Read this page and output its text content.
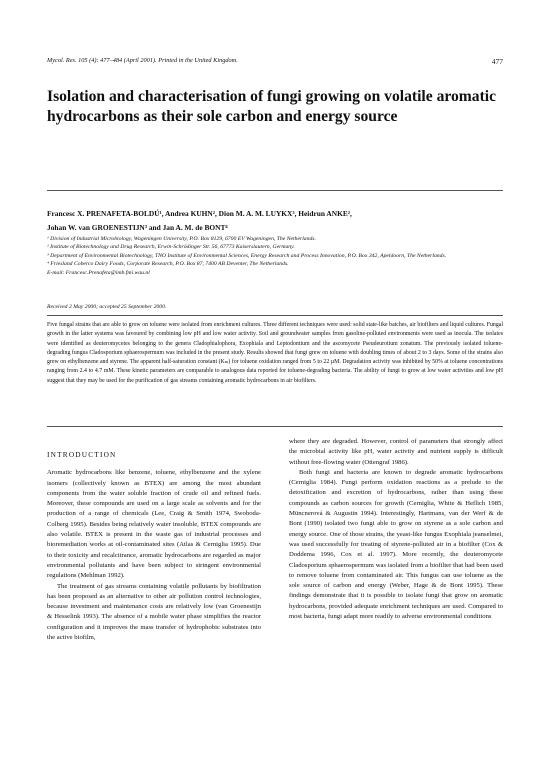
Mycol. Res. 105 (4): 477–484 (April 2001). Printed in the United Kingdom.	477
Isolation and characterisation of fungi growing on volatile aromatic hydrocarbons as their sole carbon and energy source
Francesc X. PRENAFETA-BOLDÚ¹, Andrea KUHN², Dion M. A. M. LUYKX³, Heidrun ANKE²,
Johan W. van GROENESTIJN³ and Jan A. M. de BONT⁴
¹ Division of Industrial Microbiology, Wageningen University, P.O. Box 8129, 6700 EV Wageningen, The Netherlands.
² Institute of Biotechnology and Drug Research, Erwin-Schrödinger Str. 56, 67773 Kaiserslautern, Germany.
³ Department of Environmental Biotechnology, TNO Institute of Environmental Sciences, Energy Research and Process Innovation, P.O. Box 342, Apeldoorn, The Netherlands.
⁴ Friesland Coberco Dairy Foods, Corporate Research, P.O. Box 87, 7400 AB Deventer, The Netherlands.
E-mail: Francesc.Prenafeta@imb.fmi.wau.nl
Received 2 May 2000; accepted 25 September 2000.

Five fungal strains that are able to grow on toluene were isolated from enrichment cultures. Three different techniques were used: solid state-like batches, air biofilters and liquid cultures. Fungal growth in the latter systems was favoured by combining low pH and low water activity. Soil and groundwater samples from gasoline-polluted environments were used as inocula. The isolates were identified as deuteromycetes belonging to the genera Cladophialophora, Exophiala and Leptodontium and the ascomycete Pseudeurotium zonatum. The previously isolated toluene-degrading fungus Cladosporium sphaerospermum was included in the present study. Results showed that fungi grew on toluene with doubling times of about 2 to 3 days. Some of the strains also grew on ethylbenzene and styrene. The apparent half-saturation constant (Kₘ) for toluene oxidation ranged from 5 to 22 µM. Degradation activity was inhibited by 50% at toluene concentrations ranging from 2.4 to 4.7 mM. These kinetic parameters are comparable to analogous data reported for toluene-degrading bacteria. The ability of fungi to grow at low water activities and low pH suggest that they may be used for the purification of gas streams containing aromatic hydrocarbons in air biofilters.

INTRODUCTION

Aromatic hydrocarbons like benzene, toluene, ethylbenzene and the xylene isomers (collectively known as BTEX) are among the most abundant components from the water soluble fraction of crude oil and refined fuels. Moreover, these compounds are used on a large scale as solvents and for the production of a range of chemicals (Lee, Craig & Smith 1974, Swoboda-Colberg 1995). Besides being relatively water insoluble, BTEX compounds are also volatile. BTEX is present in the waste gas of industrial processes and bioremediation works at oil-contaminated sites (Atlas & Cerniglia 1995). Due to their toxicity and recalcitrance, aromatic hydrocarbons are regarded as major environmental pollutants and have been subject to stringent environmental regulations (Mehlman 1992).

The treatment of gas streams containing volatile pollutants by biofiltration has been proposed as an alternative to other air pollution control technologies, because investment and maintenance costs are relatively low (van Groenestijn & Hesselink 1993). The absence of a mobile water phase simplifies the reactor configuration and it improves the mass transfer of hydrophobic substrates into the active biofilm,

where they are degraded. However, control of parameters that strongly affect the microbial activity like pH, water activity and nutrient supply is difficult without free-flowing water (Ottengraf 1986).

Both fungi and bacteria are known to degrade aromatic hydrocarbons (Cerniglia 1984). Fungi perform oxidation reactions as a prelude to the detoxification and excretion of hydrocarbons, rather than using these compounds as carbon sources for growth (Cerniglia, White & Heflich 1985, Müncnerová & Augustin 1994). Interestingly, Hartmans, van der Werf & de Bont (1990) isolated two fungi able to grow on styrene as a sole carbon and energy source. One of those strains, the yeast-like fungus Exophiala jeanselmei, was used successfully for treating of styrene-polluted air in a biofilter (Cox & Doddema 1996, Cox et al. 1997). More recently, the deuteromycete Cladosporium sphaerospermum was isolated from a biofilter that had been used to remove toluene from contaminated air. This fungus can use toluene as the sole source of carbon and energy (Weber, Hage & de Bont 1995). These findings demonstrate that it is possible to isolate fungi that grow on aromatic hydrocarbons, provided adequate enrichment techniques are used. Compared to most bacteria, fungi adapt more readily to adverse environmental conditions
